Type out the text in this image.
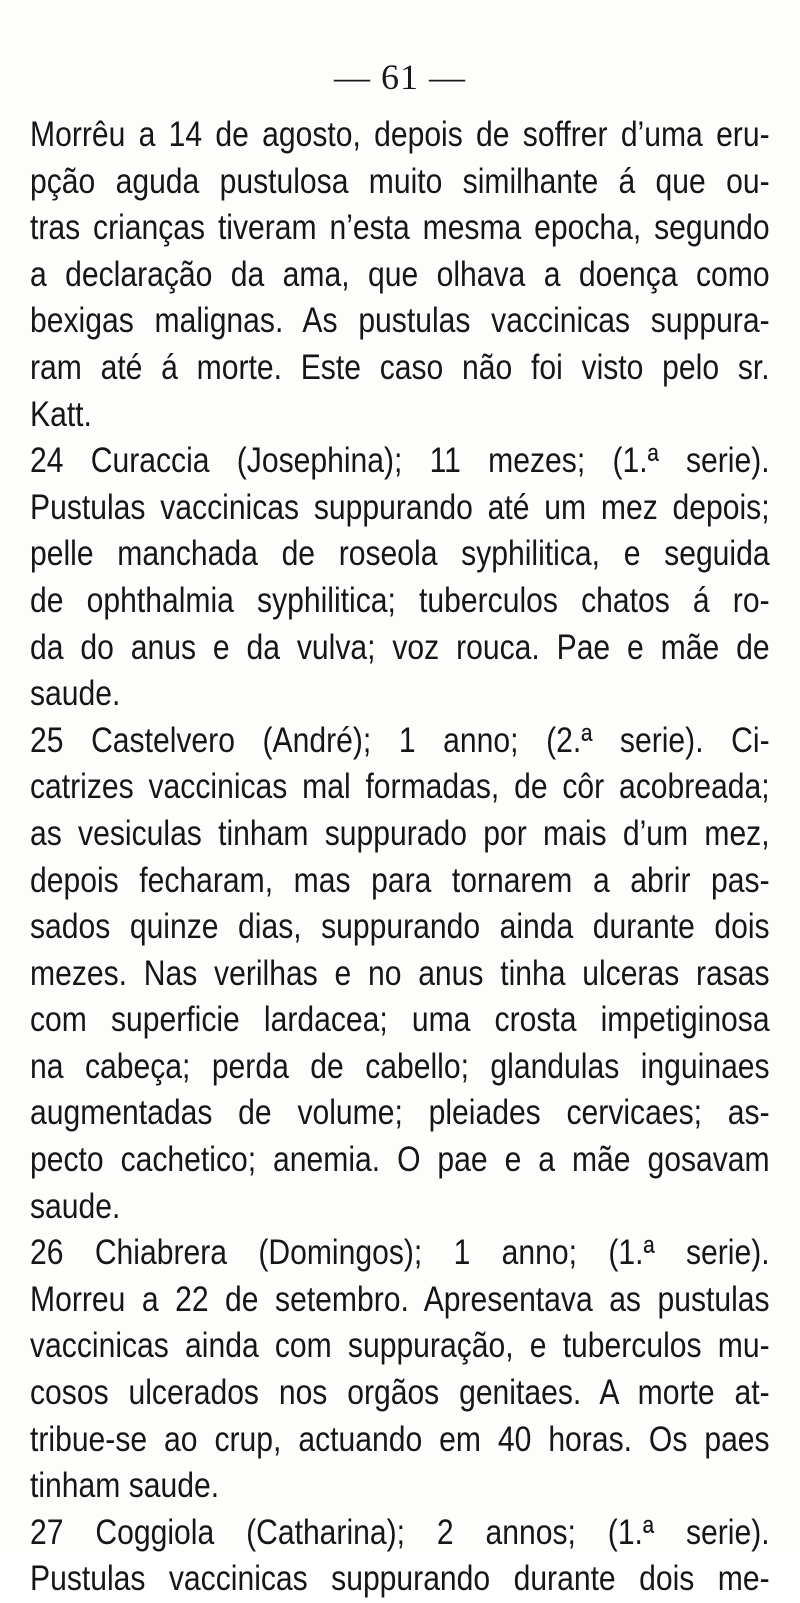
— 61 —
Morrêu a 14 de agosto, depois de soffrer d’uma eru-
pção aguda pustulosa muito similhante á que ou-
tras crianças tiveram n’esta mesma epocha, segundo
a declaração da ama, que olhava a doença como
bexigas malignas. As pustulas vaccinicas suppura-
ram até á morte. Este caso não foi visto pelo sr.
Katt.
24 Curaccia (Josephina); 11 mezes; (1.ª serie).
Pustulas vaccinicas suppurando até um mez depois;
pelle manchada de roseola syphilitica, e seguida
de ophthalmia syphilitica; tuberculos chatos á ro-
da do anus e da vulva; voz rouca. Pae e mãe de
saude.
25 Castelvero (André); 1 anno; (2.ª serie). Ci-
catrizes vaccinicas mal formadas, de côr acobreada;
as vesiculas tinham suppurado por mais d’um mez,
depois fecharam, mas para tornarem a abrir pas-
sados quinze dias, suppurando ainda durante dois
mezes. Nas verilhas e no anus tinha ulceras rasas
com superficie lardacea; uma crosta impetiginosa
na cabeça; perda de cabello; glandulas inguinaes
augmentadas de volume; pleiades cervicaes; as-
pecto cachetico; anemia. O pae e a mãe gosavam
saude.
26 Chiabrera (Domingos); 1 anno; (1.ª serie).
Morreu a 22 de setembro. Apresentava as pustulas
vaccinicas ainda com suppuração, e tuberculos mu-
cosos ulcerados nos orgãos genitaes. A morte at-
tribue-se ao crup, actuando em 40 horas. Os paes
tinham saude.
27 Coggiola (Catharina); 2 annos; (1.ª serie).
Pustulas vaccinicas suppurando durante dois me-
